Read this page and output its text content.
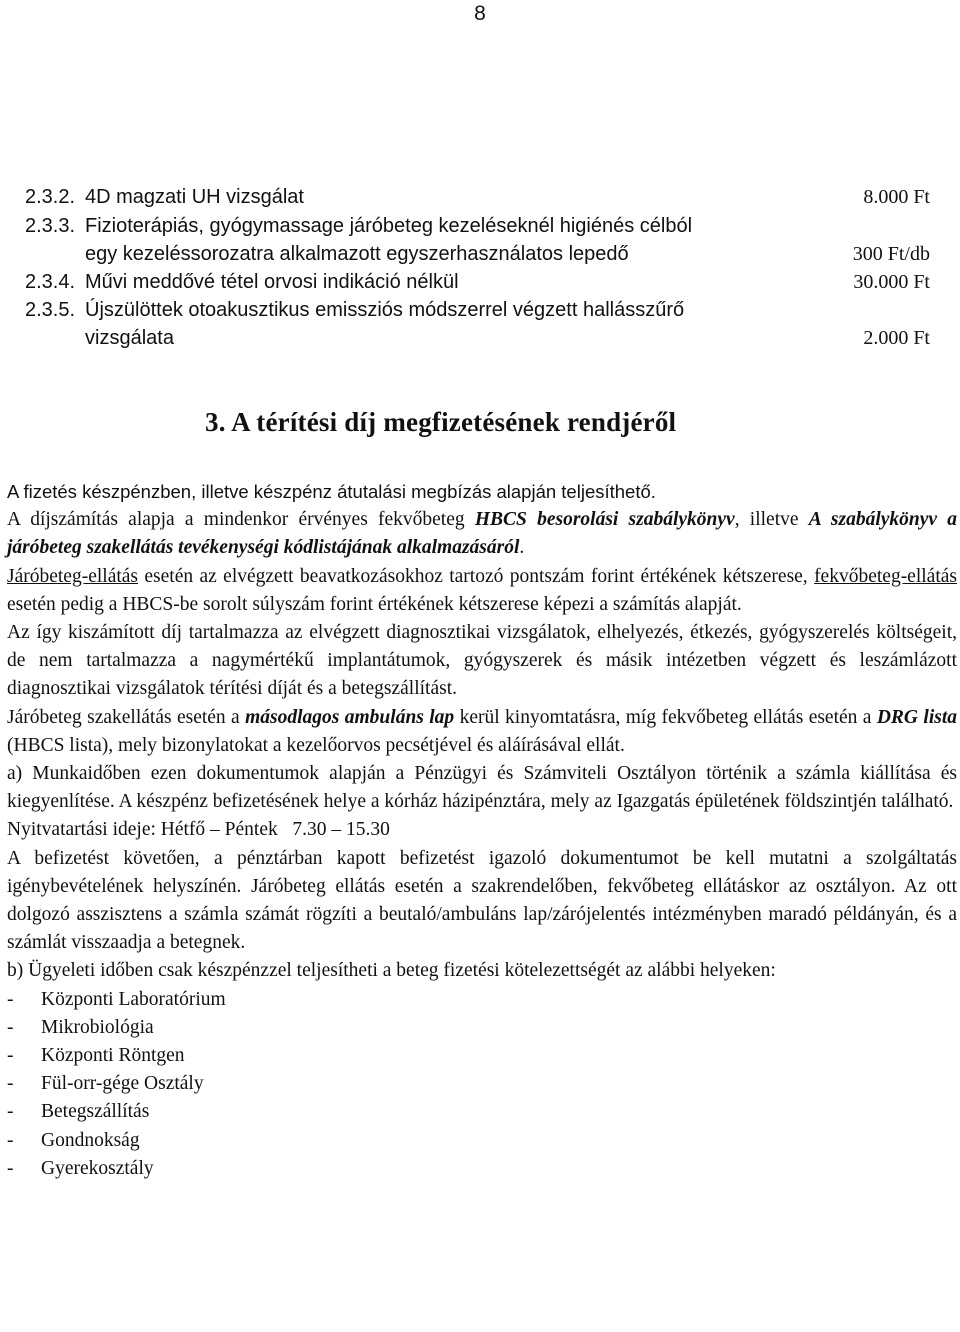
8
2.3.2. 4D magzati UH vizsgálat	8.000 Ft
2.3.3. Fizioterápiás, gyógymassage járóbeteg kezeléseknél higiénés célból
egy kezeléssorozatra alkalmazott egyszerhasználatos lepedő	300 Ft/db
2.3.4. Művi meddővé tétel orvosi indikáció nélkül	30.000 Ft
2.3.5. Újszülöttek otoakusztikus emissziós módszerrel végzett hallásszűrő
vizsgálata	2.000 Ft
3. A térítési díj megfizetésének rendjéről

A fizetés készpénzben, illetve készpénz átutalási megbízás alapján teljesíthető.

A díjszámítás alapja a mindenkor érvényes fekvőbeteg HBCS besorolási szabálykönyv, illetve A szabálykönyv a járóbeteg szakellátás tevékenységi kódlistájának alkalmazásáról.

Járóbeteg-ellátás esetén az elvégzett beavatkozásokhoz tartozó pontszám forint értékének kétszerese, fekvőbeteg-ellátás esetén pedig a HBCS-be sorolt súlyszám forint értékének kétszerese képezi a számítás alapját.

Az így kiszámított díj tartalmazza az elvégzett diagnosztikai vizsgálatok, elhelyezés, étkezés, gyógyszerelés költségeit, de nem tartalmazza a nagymértékű implantátumok, gyógyszerek és másik intézetben végzett és leszámlázott diagnosztikai vizsgálatok térítési díját és a betegszállítást.

Járóbeteg szakellátás esetén a másodlagos ambuláns lap kerül kinyomtatásra, míg fekvőbeteg ellátás esetén a DRG lista (HBCS lista), mely bizonylatokat a kezelőorvos pecsétjével és aláírásával ellát.

a) Munkaidőben ezen dokumentumok alapján a Pénzügyi és Számviteli Osztályon történik a számla kiállítása és kiegyenlítése. A készpénz befizetésének helye a kórház házipénztára, mely az Igazgatás épületének földszintjén található.

Nyitvatartási ideje: Hétfő – Péntek   7.30 – 15.30

A befizetést követően, a pénztárban kapott befizetést igazoló dokumentumot be kell mutatni a szolgáltatás igénybevételének helyszínén. Járóbeteg ellátás esetén a szakrendelőben, fekvőbeteg ellátáskor az osztályon. Az ott dolgozó asszisztens a számla számát rögzíti a beutaló/ambuláns lap/zárójelentés intézményben maradó példányán, és a számlát visszaadja a betegnek.

b) Ügyeleti időben csak készpénzzel teljesítheti a beteg fizetési kötelezettségét az alábbi helyeken:

- Központi Laboratórium
- Mikrobiológia
- Központi Röntgen
- Fül-orr-gége Osztály
- Betegszállítás
- Gondnokság
- Gyerekosztály
